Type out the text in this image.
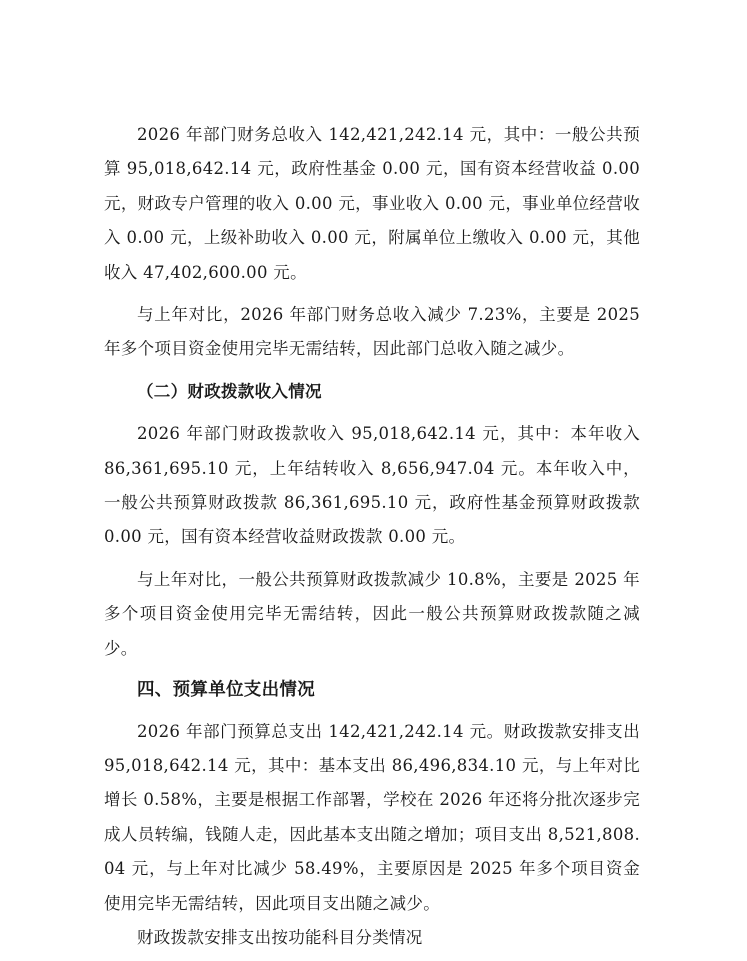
2026 年部门财务总收入 142,421,242.14 元，其中：一般公共预算 95,018,642.14 元，政府性基金 0.00 元，国有资本经营收益 0.00 元，财政专户管理的收入 0.00 元，事业收入 0.00 元，事业单位经营收入 0.00 元，上级补助收入 0.00 元，附属单位上缴收入 0.00 元，其他收入 47,402,600.00 元。

与上年对比，2026 年部门财务总收入减少 7.23%，主要是 2025 年多个项目资金使用完毕无需结转，因此部门总收入随之减少。

（二）财政拨款收入情况

2026 年部门财政拨款收入 95,018,642.14 元，其中：本年收入 86,361,695.10 元，上年结转收入 8,656,947.04 元。本年收入中，一般公共预算财政拨款 86,361,695.10 元，政府性基金预算财政拨款 0.00 元，国有资本经营收益财政拨款 0.00 元。

与上年对比，一般公共预算财政拨款减少 10.8%，主要是 2025 年多个项目资金使用完毕无需结转，因此一般公共预算财政拨款随之减少。

四、预算单位支出情况

2026 年部门预算总支出 142,421,242.14 元。财政拨款安排支出 95,018,642.14 元，其中：基本支出 86,496,834.10 元，与上年对比增长 0.58%，主要是根据工作部署，学校在 2026 年还将分批次逐步完成人员转编，钱随人走，因此基本支出随之增加；项目支出 8,521,808.04 元，与上年对比减少 58.49%，主要原因是 2025 年多个项目资金使用完毕无需结转，因此项目支出随之减少。

财政拨款安排支出按功能科目分类情况
